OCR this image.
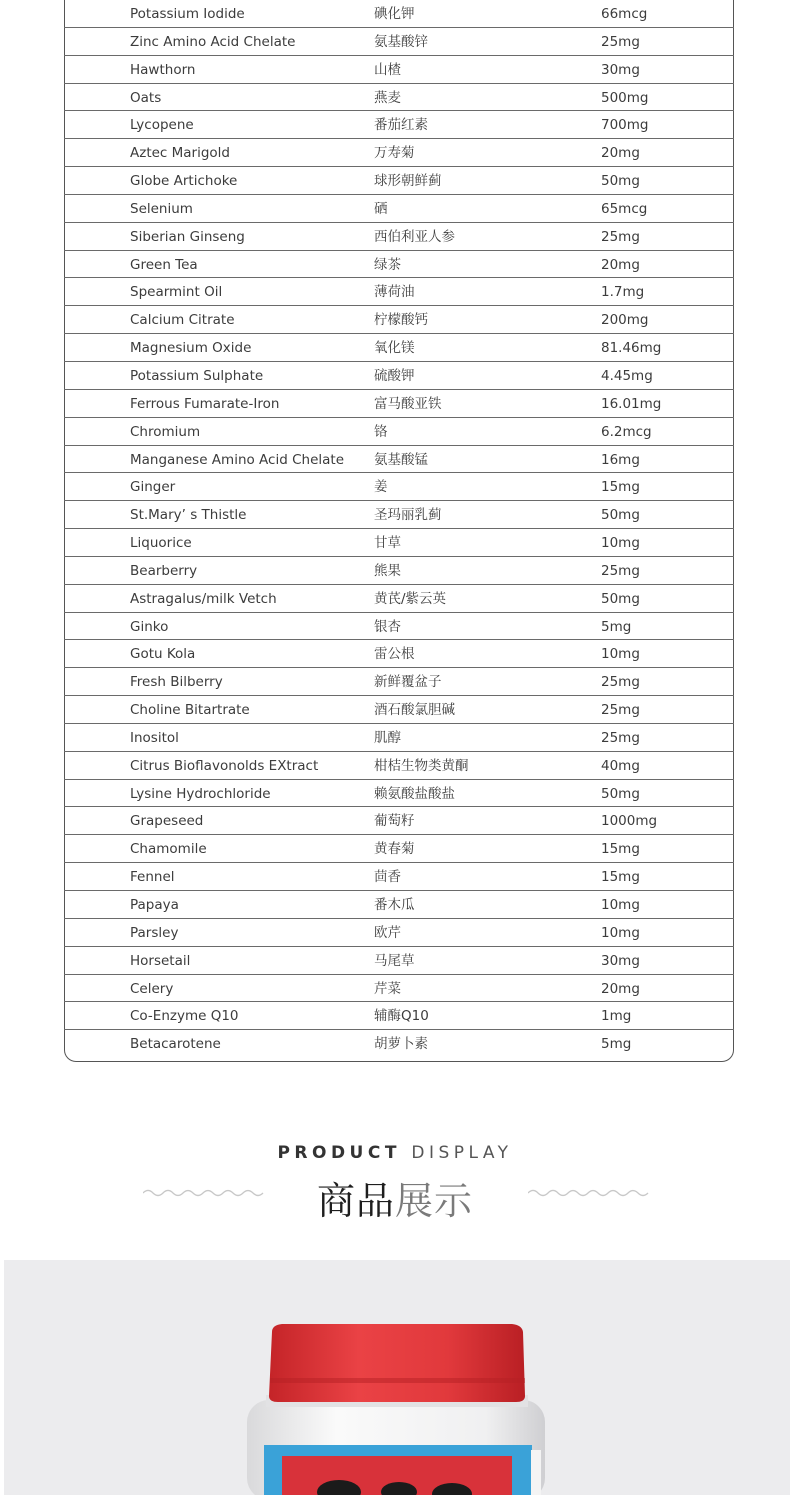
Potassium Iodide	碘化钾	66mcg
Zinc Amino Acid Chelate	氨基酸锌	25mg
Hawthorn	山楂	30mg
Oats	燕麦	500mg
Lycopene	番茄红素	700mg
Aztec Marigold	万寿菊	20mg
Globe Artichoke	球形朝鲜蓟	50mg
Selenium	硒	65mcg
Siberian Ginseng	西伯利亚人参	25mg
Green Tea	绿茶	20mg
Spearmint Oil	薄荷油	1.7mg
Calcium Citrate	柠檬酸钙	200mg
Magnesium Oxide	氧化镁	81.46mg
Potassium Sulphate	硫酸钾	4.45mg
Ferrous Fumarate-Iron	富马酸亚铁	16.01mg
Chromium	铬	6.2mcg
Manganese Amino Acid Chelate 氨基酸锰	16mg
Ginger	姜	15mg
St.Mary’ s Thistle	圣玛丽乳蓟	50mg
Liquorice	甘草	10mg
Bearberry	熊果	25mg
Astragalus/milk Vetch	黄芪/紫云英	50mg
Ginko	银杏	5mg
Gotu Kola	雷公根	10mg
Fresh Bilberry	新鲜覆盆子	25mg
Choline Bitartrate	酒石酸氯胆碱	25mg
Inositol	肌醇	25mg
Citrus Bioflavonolds EXtract	柑桔生物类黄酮	40mg
Lysine Hydrochloride	赖氨酸盐酸盐	50mg
Grapeseed	葡萄籽	1000mg
Chamomile	黄春菊	15mg
Fennel	茴香	15mg
Papaya	番木瓜	10mg
Parsley	欧芹	10mg
Horsetail	马尾草	30mg
Celery	芹菜	20mg
Co-Enzyme Q10	辅酶Q10	1mg
Betacarotene	胡萝卜素	5mg
PRODUCT DISPLAY
商品展示
